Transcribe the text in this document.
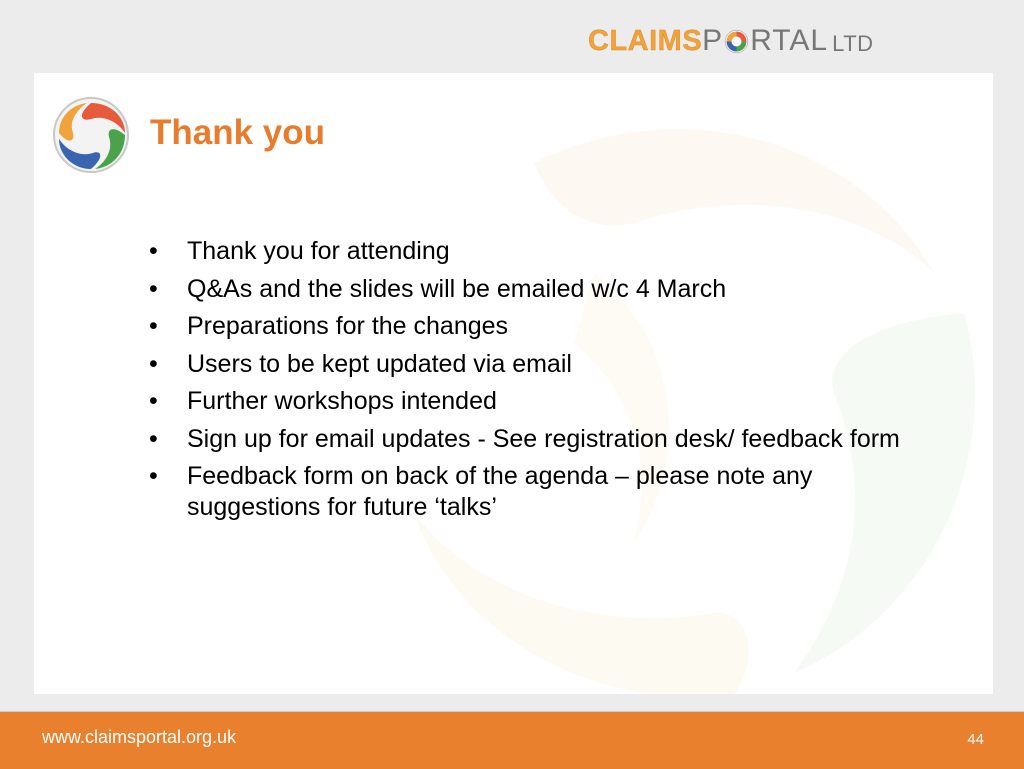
CLAIMS P RTAL LTD
Thank you
• Thank you for attending
• Q&As and the slides will be emailed w/c 4 March
• Preparations for the changes
• Users to be kept updated via email
• Further workshops intended
• Sign up for email updates - See registration desk/ feedback form
• Feedback form on back of the agenda – please note any suggestions for future ‘talks’
www.claimsportal.org.uk	44
